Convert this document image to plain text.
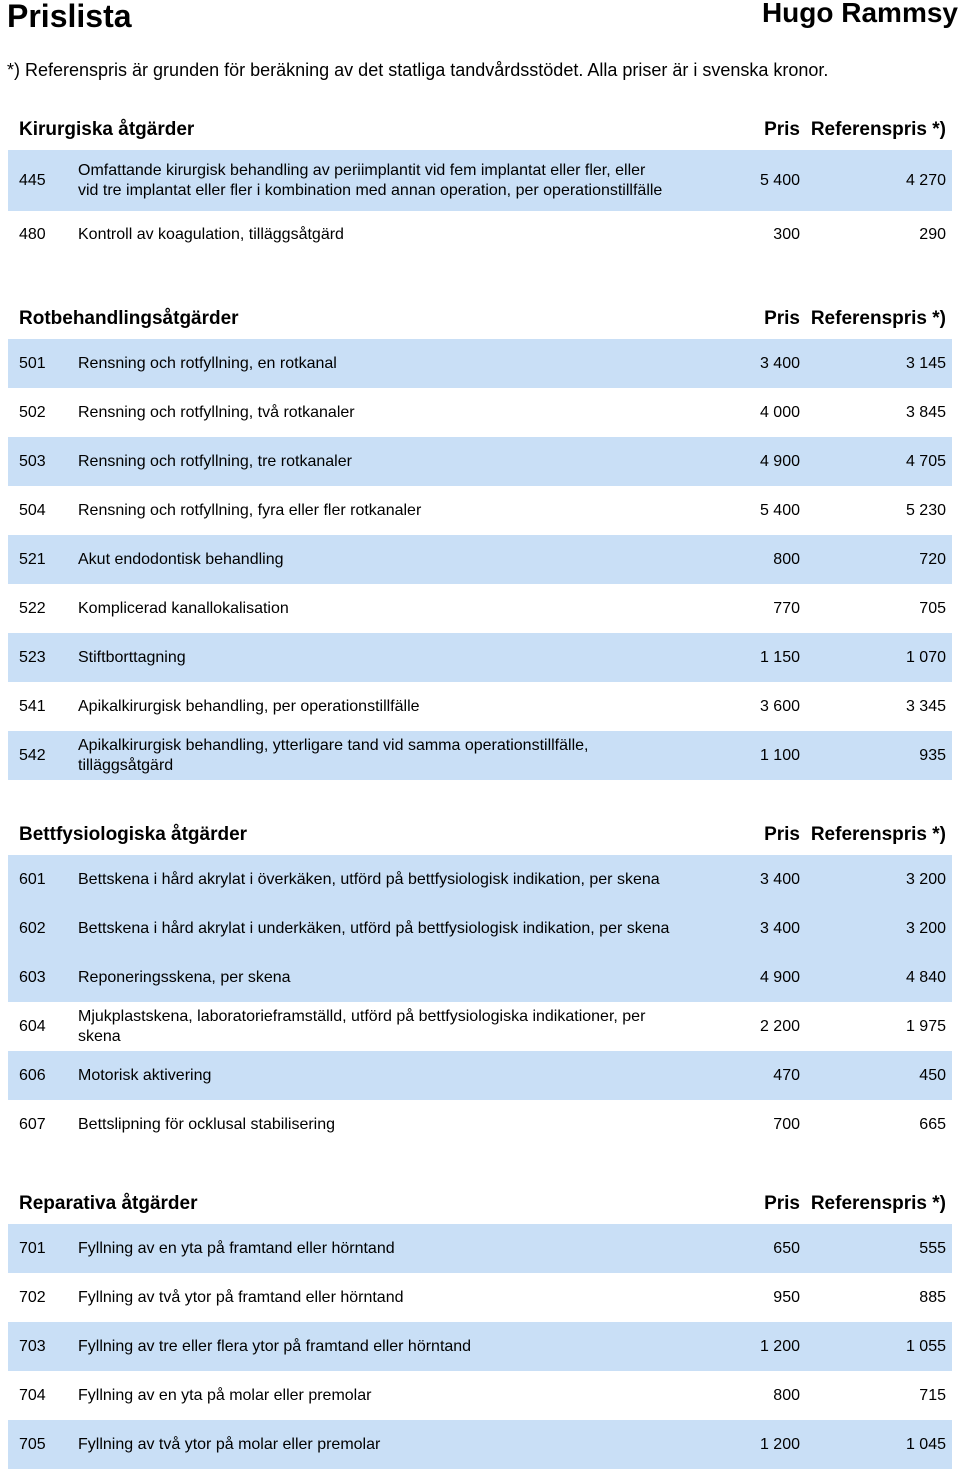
Prislista	Hugo Rammsy
*) Referenspris är grunden för beräkning av det statliga tandvårdsstödet. Alla priser är i svenska kronor.
Kirurgiska åtgärder	Pris Referenspris *)
445
Omfattande kirurgisk behandling av periimplantit vid fem implantat eller fler, eller vid tre implantat eller fler i kombination med annan operation, per operationstillfälle
5 400	4 270
480 Kontroll av koagulation, tilläggsåtgärd	300	290
Rotbehandlingsåtgärder	Pris Referenspris *)
501 Rensning och rotfyllning, en rotkanal	3 400	3 145
502 Rensning och rotfyllning, två rotkanaler	4 000	3 845
503 Rensning och rotfyllning, tre rotkanaler	4 900	4 705
504 Rensning och rotfyllning, fyra eller fler rotkanaler	5 400	5 230
521 Akut endodontisk behandling	800	720
522 Komplicerad kanallokalisation	770	705
523 Stiftborttagning	1 150	1 070
541 Apikalkirurgisk behandling, per operationstillfälle	3 600	3 345
542
Apikalkirurgisk behandling, ytterligare tand vid samma operationstillfälle, tilläggsåtgärd
1 100	935
Bettfysiologiska åtgärder	Pris Referenspris *)
601 Bettskena i hård akrylat i överkäken, utförd på bettfysiologisk indikation, per skena	3 400	3 200
602 Bettskena i hård akrylat i underkäken, utförd på bettfysiologisk indikation, per skena	3 400	3 200
603 Reponeringsskena, per skena	4 900	4 840
604
Mjukplastskena, laboratorieframställd, utförd på bettfysiologiska indikationer, per skena
2 200	1 975
606 Motorisk aktivering	470	450
607 Bettslipning för ocklusal stabilisering	700	665
Reparativa åtgärder	Pris Referenspris *)
701 Fyllning av en yta på framtand eller hörntand	650	555
702 Fyllning av två ytor på framtand eller hörntand	950	885
703 Fyllning av tre eller flera ytor på framtand eller hörntand	1 200	1 055
704 Fyllning av en yta på molar eller premolar	800	715
705 Fyllning av två ytor på molar eller premolar	1 200	1 045
